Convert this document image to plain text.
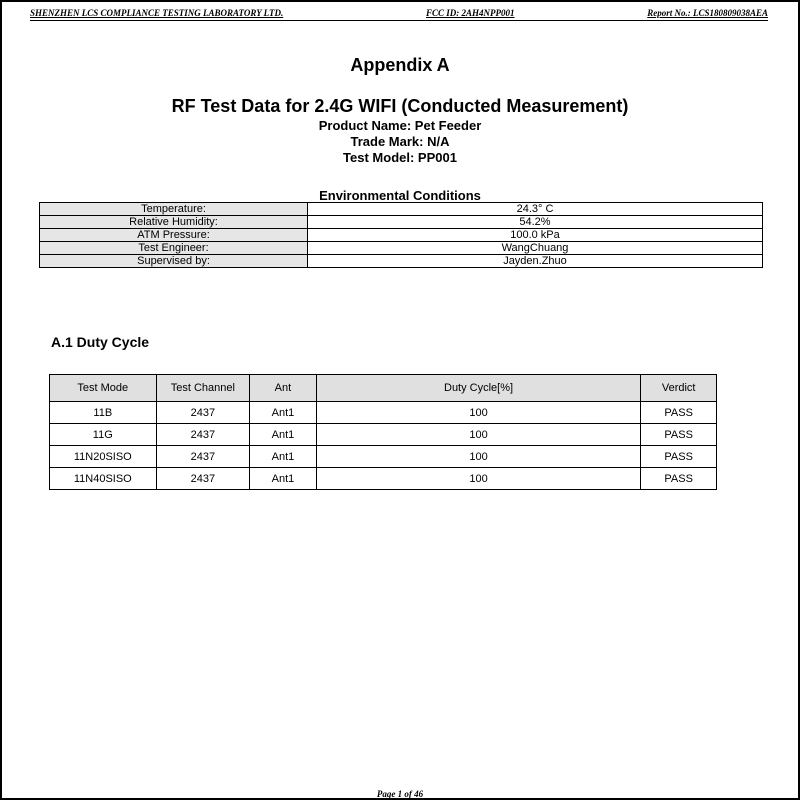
SHENZHEN LCS COMPLIANCE TESTING LABORATORY LTD.	FCC ID: 2AH4NPP001	Report No.: LCS180809038AEA
Appendix A
RF Test Data for 2.4G WIFI (Conducted Measurement)
Product Name: Pet Feeder
Trade Mark: N/A
Test Model: PP001
Environmental Conditions
Temperature:	24.3° C
Relative Humidity:	54.2%
ATM Pressure:	100.0 kPa
Test Engineer:	WangChuang
Supervised by:	Jayden.Zhuo
A.1 Duty Cycle
Test Mode	Test Channel	Ant	Duty Cycle[%]	Verdict
11B	2437	Ant1	100	PASS
11G	2437	Ant1	100	PASS
11N20SISO	2437	Ant1	100	PASS
11N40SISO	2437	Ant1	100	PASS
Page 1 of 46
